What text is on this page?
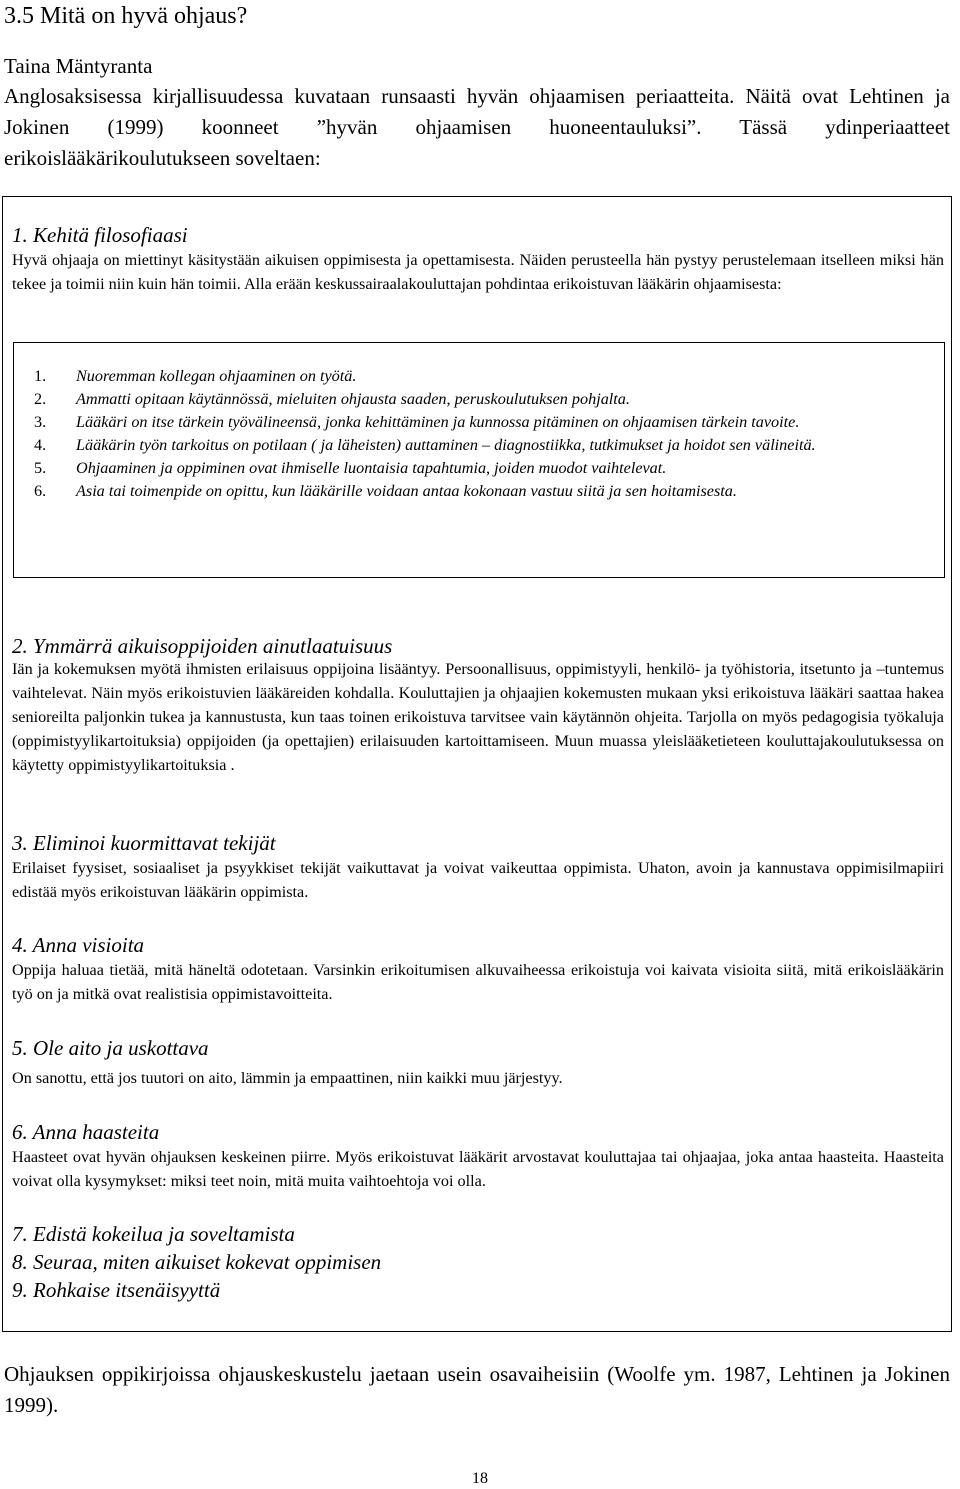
3.5 Mitä on hyvä ohjaus?
Taina Mäntyranta

Anglosaksisessa kirjallisuudessa kuvataan runsaasti hyvän ohjaamisen periaatteita. Näitä ovat Lehtinen ja Jokinen (1999) koonneet ”hyvän ohjaamisen huoneentauluksi”. Tässä ydinperiaatteet erikoislääkärikoulutukseen soveltaen:

1. Kehitä filosofiaasi

Hyvä ohjaaja on miettinyt käsitystään aikuisen oppimisesta ja opettamisesta. Näiden perusteella hän pystyy perustelemaan itselleen miksi hän tekee ja toimii niin kuin hän toimii. Alla erään keskussairaalakouluttajan pohdintaa erikoistuvan lääkärin ohjaamisesta:

1. Nuoremman kollegan ohjaaminen on työtä.
2. Ammatti opitaan käytännössä, mieluiten ohjausta saaden, peruskoulutuksen pohjalta.
3. Lääkäri on itse tärkein työvälineensä, jonka kehittäminen ja kunnossa pitäminen on ohjaamisen tärkein tavoite.
4. Lääkärin työn tarkoitus on potilaan ( ja läheisten) auttaminen – diagnostiikka, tutkimukset ja hoidot sen välineitä.
5. Ohjaaminen ja oppiminen ovat ihmiselle luontaisia tapahtumia, joiden muodot vaihtelevat.
6. Asia tai toimenpide on opittu, kun lääkärille voidaan antaa kokonaan vastuu siitä ja sen hoitamisesta.
2. Ymmärrä aikuisoppijoiden ainutlaatuisuus

Iän ja kokemuksen myötä ihmisten erilaisuus oppijoina lisääntyy. Persoonallisuus, oppimistyyli, henkilö- ja työhistoria, itsetunto ja –tuntemus vaihtelevat. Näin myös erikoistuvien lääkäreiden kohdalla. Kouluttajien ja ohjaajien kokemusten mukaan yksi erikoistuva lääkäri saattaa hakea senioreilta paljonkin tukea ja kannustusta, kun taas toinen erikoistuva tarvitsee vain käytännön ohjeita. Tarjolla on myös pedagogisia työkaluja (oppimistyylikartoituksia) oppijoiden (ja opettajien) erilaisuuden kartoittamiseen. Muun muassa yleislääketieteen kouluttajakoulutuksessa on käytetty oppimistyylikartoituksia .

3. Eliminoi kuormittavat tekijät

Erilaiset fyysiset, sosiaaliset ja psyykkiset tekijät vaikuttavat ja voivat vaikeuttaa oppimista. Uhaton, avoin ja kannustava oppimisilmapiiri edistää myös erikoistuvan lääkärin oppimista.

4. Anna visioita

Oppija haluaa tietää, mitä häneltä odotetaan. Varsinkin erikoitumisen alkuvaiheessa erikoistuja voi kaivata visioita siitä, mitä erikoislääkärin työ on ja mitkä ovat realistisia oppimistavoitteita.

5. Ole aito ja uskottava

On sanottu, että jos tuutori on aito, lämmin ja empaattinen, niin kaikki muu järjestyy.

6. Anna haasteita

Haasteet ovat hyvän ohjauksen keskeinen piirre. Myös erikoistuvat lääkärit arvostavat kouluttajaa tai ohjaajaa, joka antaa haasteita. Haasteita voivat olla kysymykset: miksi teet noin, mitä muita vaihtoehtoja voi olla.

7. Edistä kokeilua ja soveltamista
8. Seuraa, miten aikuiset kokevat oppimisen
9. Rohkaise itsenäisyyttä

Ohjauksen oppikirjoissa ohjauskeskustelu jaetaan usein osavaiheisiin (Woolfe ym. 1987, Lehtinen ja Jokinen 1999).

18
